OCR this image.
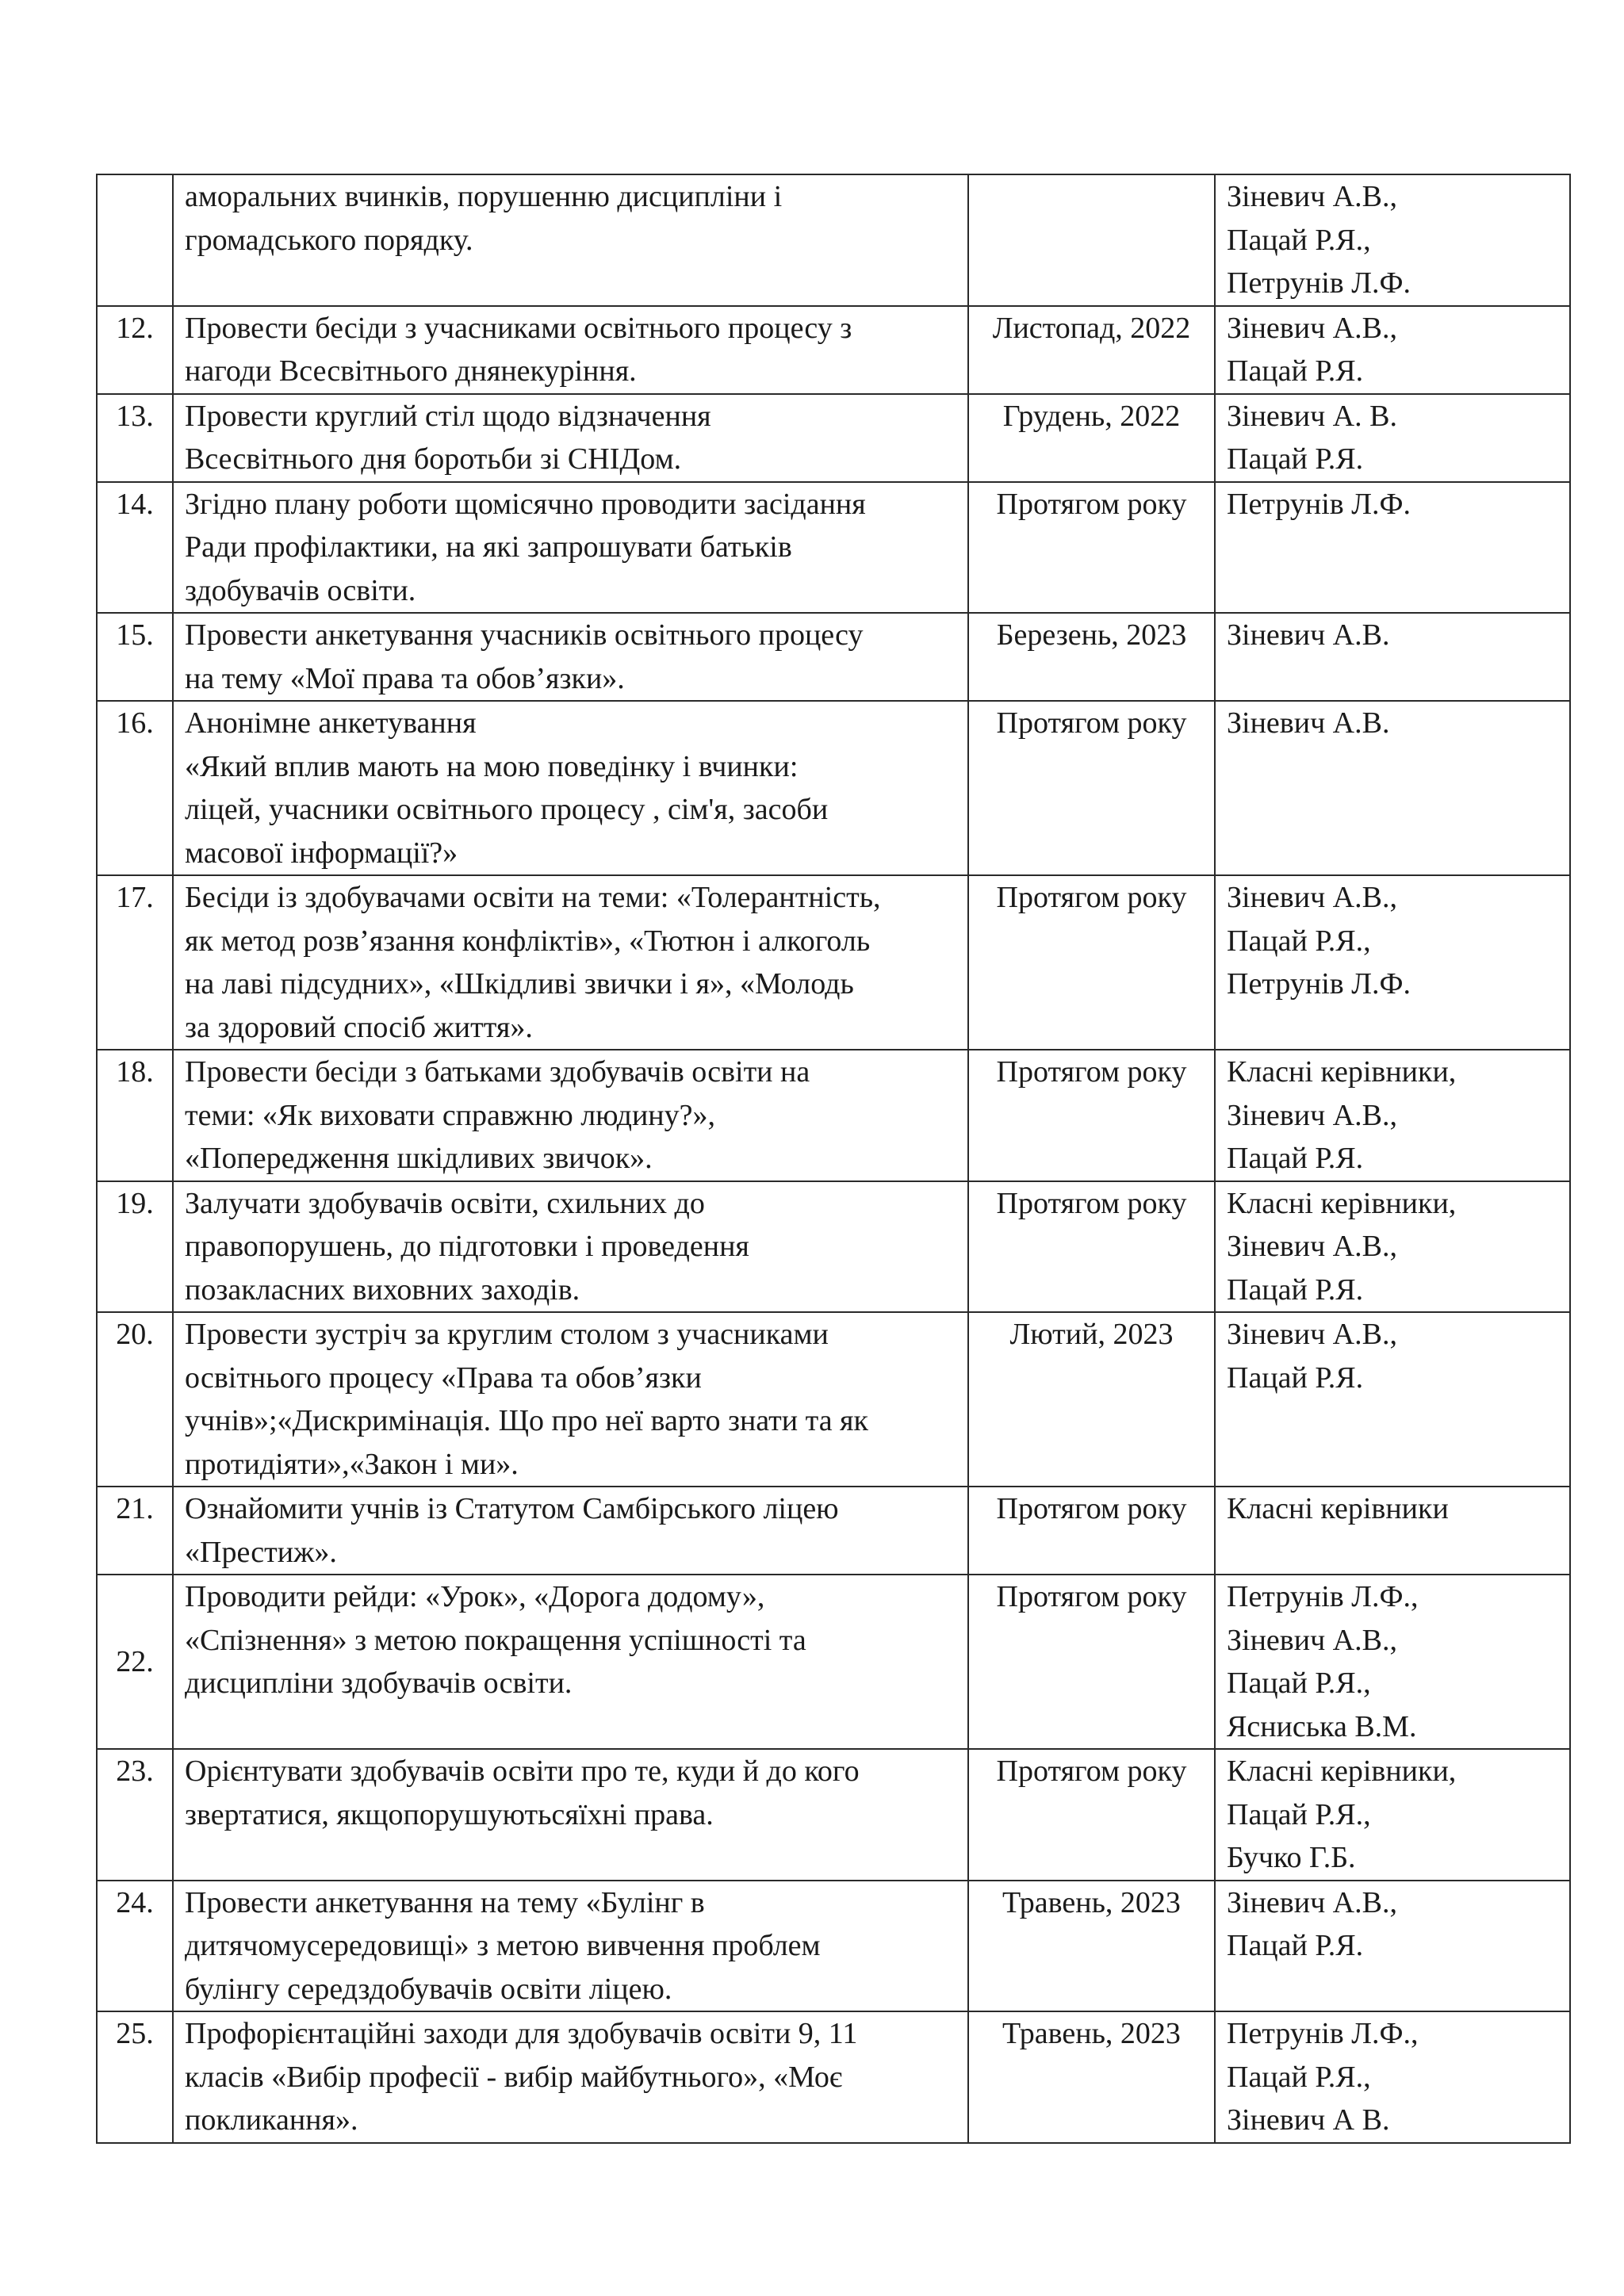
	аморальних вчинків, порушенню дисципліни і
громадського порядку.		Зіневич А.В.,
Пацай Р.Я.,
Петрунів Л.Ф.

12.	Провести бесіди з учасниками освітнього процесу з
нагоди Всесвітнього днянекуріння.	Листопад, 2022	Зіневич А.В.,
Пацай Р.Я.

13.	Провести круглий стіл щодо відзначення
Всесвітнього дня боротьби зі СНІДом.	Грудень, 2022	Зіневич А. В.
Пацай Р.Я.

14.	Згідно плану роботи щомісячно проводити засідання
Ради профілактики, на які запрошувати батьків
здобувачів освіти.	Протягом року	Петрунів Л.Ф.

15.	Провести анкетування учасників освітнього процесу
на тему «Мої права та обов’язки».	Березень, 2023	Зіневич А.В.

16.	Анонімне анкетування
«Який вплив мають на мою поведінку і вчинки:
ліцей, учасники освітнього процесу , сім'я, засоби
масової інформації?»	Протягом року	Зіневич А.В.

17.	Бесіди із здобувачами освіти на теми: «Толерантність,
як метод розв’язання конфліктів», «Тютюн і алкоголь
на лаві підсудних», «Шкідливі звички і я», «Молодь
за здоровий спосіб життя».	Протягом року	Зіневич А.В.,
Пацай Р.Я.,
Петрунів Л.Ф.

18.	Провести бесіди з батьками здобувачів освіти на
теми: «Як виховати справжню людину?»,
«Попередження шкідливих звичок».	Протягом року	Класні керівники,
Зіневич А.В.,
Пацай Р.Я.

19.	Залучати здобувачів освіти, схильних до
правопорушень, до підготовки і проведення
позакласних виховних заходів.	Протягом року	Класні керівники,
Зіневич А.В.,
Пацай Р.Я.

20.	Провести зустріч за круглим столом з учасниками
освітнього процесу «Права та обов’язки
учнів»;«Дискримінація. Що про неї варто знати та як
протидіяти»,«Закон і ми».	Лютий, 2023	Зіневич А.В.,
Пацай Р.Я.

21.	Ознайомити учнів із Статутом Самбірського ліцею
«Престиж».	Протягом року	Класні керівники

22.	Проводити рейди: «Урок», «Дорога додому»,
«Спізнення» з метою покращення успішності та
дисципліни здобувачів освіти.	Протягом року	Петрунів Л.Ф.,
Зіневич А.В.,
Пацай Р.Я.,
Ясниська В.М.

23.	Орієнтувати здобувачів освіти про те, куди й до кого
звертатися, якщопорушуютьсяїхні права.	Протягом року	Класні керівники,
Пацай Р.Я.,
Бучко Г.Б.

24.	Провести анкетування на тему «Булінг в
дитячомусередовищі» з метою вивчення проблем
булінгу середздобувачів освіти ліцею.	Травень, 2023	Зіневич А.В.,
Пацай Р.Я.

25.	Профорієнтаційні заходи для здобувачів освіти 9, 11
класів «Вибір професії - вибір майбутнього», «Моє
покликання».	Травень, 2023	Петрунів Л.Ф.,
Пацай Р.Я.,
Зіневич А В.
